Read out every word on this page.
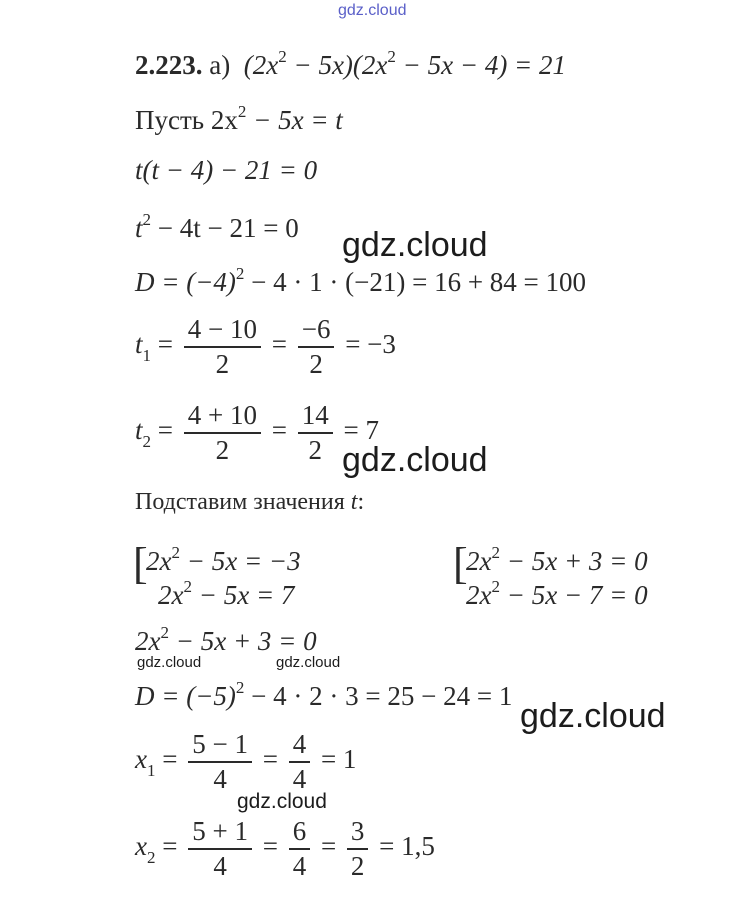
gdz.cloud
gdz.cloud
gdz.cloud
gdz.cloud	gdz.cloud
gdz.cloud
gdz.cloud
2.223. а) $(2x^2 - 5x)(2x^2 - 5x - 4) = 21$
Пусть $2x^2 - 5x = t$
t(t − 4) − 21 = 0
$t^2 - 4t - 21 = 0$
$D = (-4)^2 - 4 \cdot 1 \cdot (-21) = 16 + 84 = 100$
$t_1 = \frac{4 - 10}{2} = \frac{-6}{2} = -3$
$t_2 = \frac{4 + 10}{2} = \frac{14}{2} = 7$
Подставим значения t:
[
$2x^2 - 5x = -3$
$2x^2 - 5x = 7$
[
$2x^2 - 5x + 3 = 0$
$2x^2 - 5x - 7 = 0$
$2x^2 - 5x + 3 = 0$
$D = (-5)^2 - 4 \cdot 2 \cdot 3 = 25 - 24 = 1$
$x_1 = \frac{5 - 1}{4} = \frac{4}{4} = 1$
$x_2 = \frac{5 + 1}{4} = \frac{6}{4} = \frac{3}{2} = 1,5$
